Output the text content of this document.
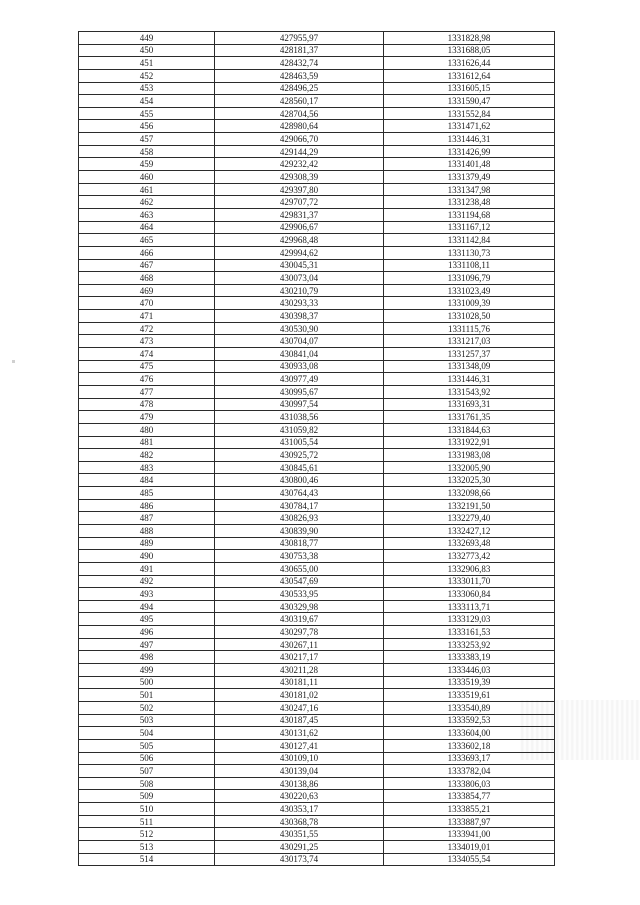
449	427955,97	1331828,98
450	428181,37	1331688,05
451	428432,74	1331626,44
452	428463,59	1331612,64
453	428496,25	1331605,15
454	428560,17	1331590,47
455	428704,56	1331552,84
456	428980,64	1331471,62
457	429066,70	1331446,31
458	429144,29	1331426,99
459	429232,42	1331401,48
460	429308,39	1331379,49
461	429397,80	1331347,98
462	429707,72	1331238,48
463	429831,37	1331194,68
464	429906,67	1331167,12
465	429968,48	1331142,84
466	429994,62	1331130,73
467	430045,31	1331108,11
468	430073,04	1331096,79
469	430210,79	1331023,49
470	430293,33	1331009,39
471	430398,37	1331028,50
472	430530,90	1331115,76
473	430704,07	1331217,03
474	430841,04	1331257,37
475	430933,08	1331348,09
476	430977,49	1331446,31
477	430995,67	1331543,92
478	430997,54	1331693,31
479	431038,56	1331761,35
480	431059,82	1331844,63
481	431005,54	1331922,91
482	430925,72	1331983,08
483	430845,61	1332005,90
484	430800,46	1332025,30
485	430764,43	1332098,66
486	430784,17	1332191,50
487	430826,93	1332279,40
488	430839,90	1332427,12
489	430818,77	1332693,48
490	430753,38	1332773,42
491	430655,00	1332906,83
492	430547,69	1333011,70
493	430533,95	1333060,84
494	430329,98	1333113,71
495	430319,67	1333129,03
496	430297,78	1333161,53
497	430267,11	1333253,92
498	430217,17	1333383,19
499	430211,28	1333446,03
500	430181,11	1333519,39
501	430181,02	1333519,61
502	430247,16	1333540,89
503	430187,45	1333592,53
504	430131,62	1333604,00
505	430127,41	1333602,18
506	430109,10	1333693,17
507	430139,04	1333782,04
508	430138,86	1333806,03
509	430220,63	1333854,77
510	430353,17	1333855,21
511	430368,78	1333887,97
512	430351,55	1333941,00
513	430291,25	1334019,01
514	430173,74	1334055,54
